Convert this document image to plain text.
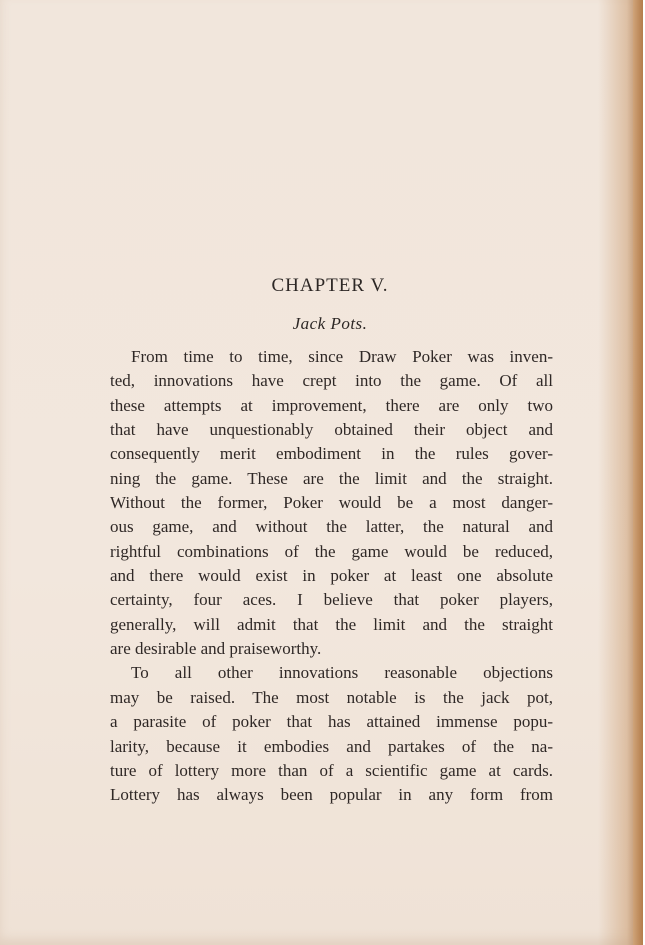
CHAPTER V.
Jack Pots.
From time to time, since Draw Poker was inven-
ted, innovations have crept into the game. Of all
these attempts at improvement, there are only two
that have unquestionably obtained their object and
consequently merit embodiment in the rules gover-
ning the game. These are the limit and the straight.
Without the former, Poker would be a most danger-
ous game, and without the latter, the natural and
rightful combinations of the game would be reduced,
and there would exist in poker at least one absolute
certainty, four aces. I believe that poker players,
generally, will admit that the limit and the straight
are desirable and praiseworthy.
To all other innovations reasonable objections
may be raised. The most notable is the jack pot,
a parasite of poker that has attained immense popu-
larity, because it embodies and partakes of the na-
ture of lottery more than of a scientific game at cards.
Lottery has always been popular in any form from
